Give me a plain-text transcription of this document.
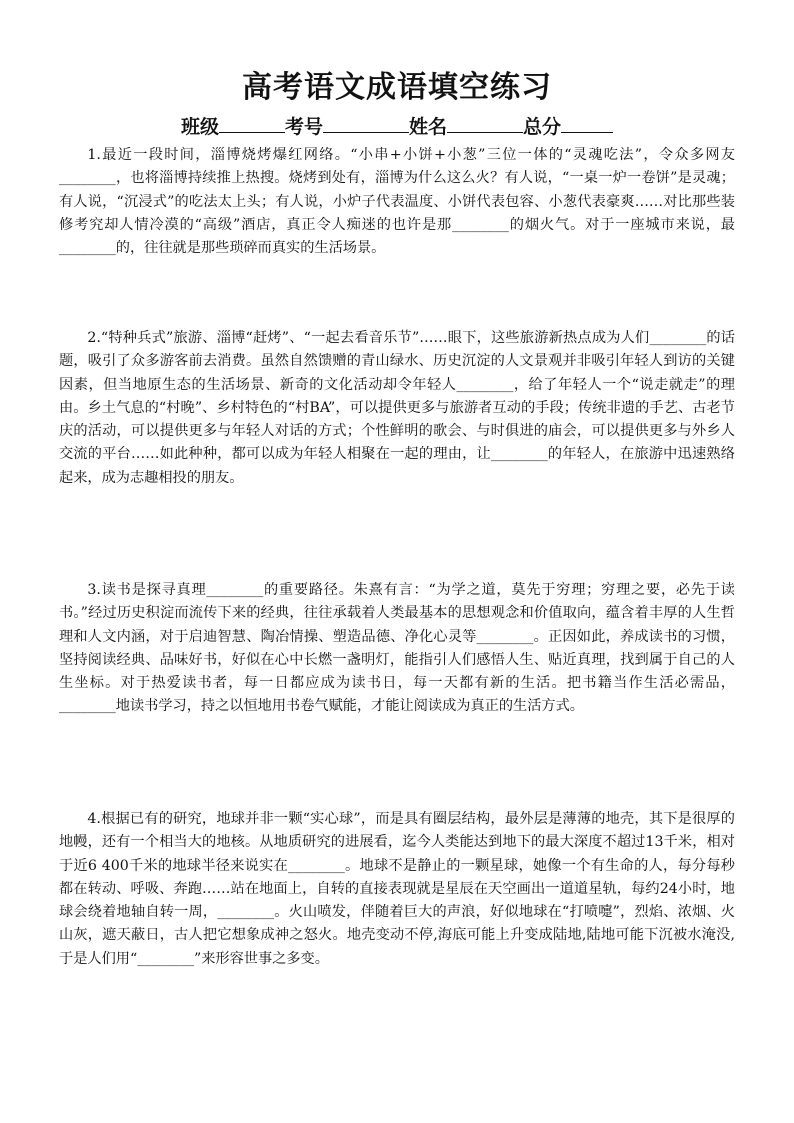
高考语文成语填空练习
班级	考号	姓名	总分
1.最近一段时间，淄博烧烤爆红网络。“小串+小饼+小葱”三位一体的“灵魂吃法”，令众多网友________，也将淄博持续推上热搜。烧烤到处有，淄博为什么这么火？有人说，“一桌一炉一卷饼”是灵魂；有人说，“沉浸式”的吃法太上头；有人说，小炉子代表温度、小饼代表包容、小葱代表豪爽……对比那些装修考究却人情冷漠的“高级”酒店，真正令人痴迷的也许是那________的烟火气。对于一座城市来说，最________的，往往就是那些琐碎而真实的生活场景。
2.“特种兵式”旅游、淄博“赶烤”、“一起去看音乐节”……眼下，这些旅游新热点成为人们________的话题，吸引了众多游客前去消费。虽然自然馈赠的青山绿水、历史沉淀的人文景观并非吸引年轻人到访的关键因素，但当地原生态的生活场景、新奇的文化活动却令年轻人________，给了年轻人一个“说走就走”的理由。乡土气息的“村晚”、乡村特色的“村BA”，可以提供更多与旅游者互动的手段；传统非遗的手艺、古老节庆的活动，可以提供更多与年轻人对话的方式；个性鲜明的歌会、与时俱进的庙会，可以提供更多与外乡人交流的平台……如此种种，都可以成为年轻人相聚在一起的理由，让________的年轻人，在旅游中迅速熟络起来，成为志趣相投的朋友。
3.读书是探寻真理________的重要路径。朱熹有言：“为学之道，莫先于穷理；穷理之要，必先于读书。”经过历史积淀而流传下来的经典，往往承载着人类最基本的思想观念和价值取向，蕴含着丰厚的人生哲理和人文内涵，对于启迪智慧、陶冶情操、塑造品德、净化心灵等________。正因如此，养成读书的习惯，坚持阅读经典、品味好书，好似在心中长燃一盏明灯，能指引人们感悟人生、贴近真理，找到属于自己的人生坐标。对于热爱读书者，每一日都应成为读书日，每一天都有新的生活。把书籍当作生活必需品，________地读书学习，持之以恒地用书卷气赋能，才能让阅读成为真正的生活方式。
4.根据已有的研究，地球并非一颗“实心球”，而是具有圈层结构，最外层是薄薄的地壳，其下是很厚的地幔，还有一个相当大的地核。从地质研究的进展看，迄今人类能达到地下的最大深度不超过13千米，相对于近6 400千米的地球半径来说实在________。地球不是静止的一颗星球，她像一个有生命的人，每分每秒都在转动、呼吸、奔跑……站在地面上，自转的直接表现就是星辰在天空画出一道道星轨，每约24小时，地球会绕着地轴自转一周，________。火山喷发，伴随着巨大的声浪，好似地球在“打喷嚏”，烈焰、浓烟、火山灰，遮天蔽日，古人把它想象成神之怒火。地壳变动不停,海底可能上升变成陆地,陆地可能下沉被水淹没,于是人们用“________”来形容世事之多变。
